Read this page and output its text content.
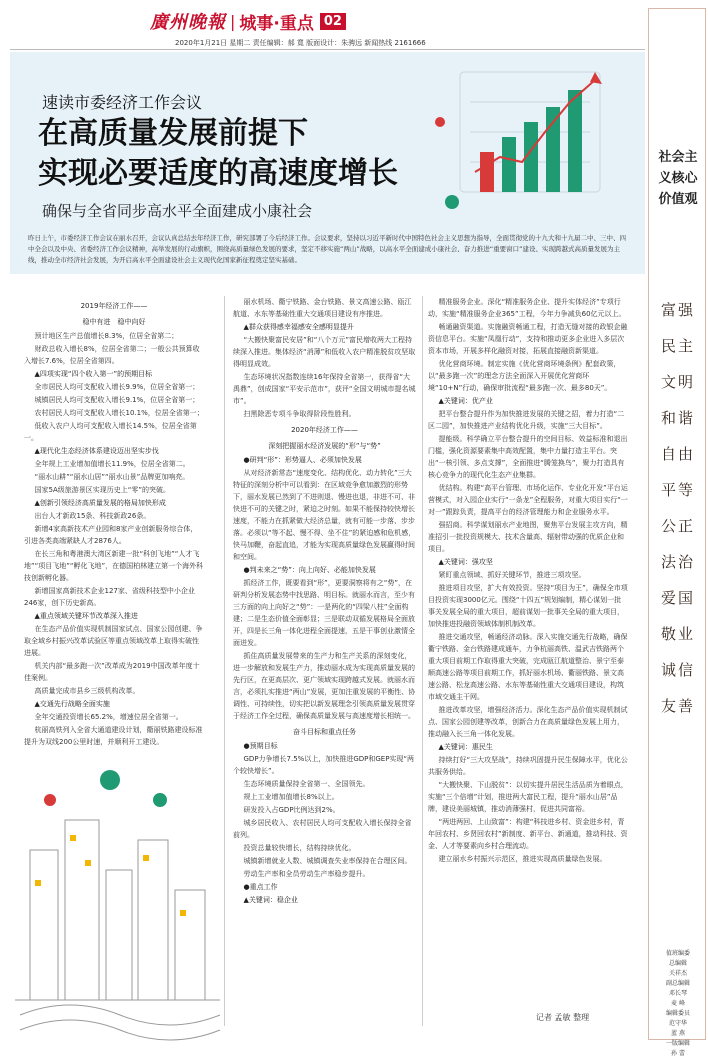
廣州晚報 | 城事·重点 02
2020年1月21日 星期二 责任编辑：郝 寬 版面设计：朱骋远 新闻热线 2161666
速读市委经济工作会议
在高质量发展前提下
实现必要适度的高速度增长
确保与全省同步高水平全面建成小康社会
昨日上午，市委经济工作会议在丽水召开，会议认真总结去年经济工作，研究部署了今后经济工作。会议要求，坚持以习近平新时代中国特色社会主义思想为指导，全面贯彻党的十九大和十九届二中、三中、四中全会以及中央、省委经济工作会议精神，高举发展的行动旗帜，围绕高质量绿色发展的要求，坚定不移实施“两山”战略，以高水平全面建成小康社会、奋力推进“重要窗口”建设、实现跨越式高质量发展为主线，推动全市经济社会发展，为开启高水平全面建设社会主义现代化国家新征程奠定坚实基础。
2019年经济工作——
稳中有进　稳中向好

预计地区生产总值增长8.3%，位居全省第二；

财政总收入增长8%，位居全省第二；一般公共预算收入增长7.6%，位居全省第四。

▲四项实现“四个收入第一”的预期目标

全市居民人均可支配收入增长9.9%，位居全省第一；

城镇居民人均可支配收入增长9.1%，位居全省第一；

农村居民人均可支配收入增长10.1%，位居全省第一；

低收入农户人均可支配收入增长14.5%，位居全省第一。

▲现代化生态经济体系建设迈出坚实步伐

全年规上工业增加值增长11.9%，位居全省第二。

“丽水山耕”“丽水山居”“丽水山景”品牌更加响亮。

国家5A级旅游景区实现历史上“零”的突破。

▲创新引领经济高质量发展的格局加快形成

出台人才新政15条、科技新政26条。

新增4家高新技术产业园和8家产业创新服务综合体，引进各类高端紧缺人才2876人。

在长三角和粤港澳大湾区新建一批“科创飞地”“人才飞地”“项目飞地”“孵化飞地”，在德国柏林建立第一个海外科技创新孵化器。

新增国家高新技术企业127家、省级科技型中小企业246家，创下历史新高。

▲重点领域关键环节改革深入推进

在生态产品价值实现机制国家试点、国家公园创建、争取全域乡村振兴改革试验区等重点领域改革上取得实破性进展。

机关内部“最多跑一次”改革成为2019中国改革年度十佳案例。

高质量完成市县乡三级机构改革。

▲交通先行战略全面实施

全年交通投资增长65.2%，增速位居全省第一。

杭丽高铁列入全省大通道建设计划，衢丽铁路建设标准提升为双线200公里时速，并顺利开工建设。

丽水机场、衢宁铁路、金台铁路、景文高速公路、瓯江航道、水东等基础性重大交通项目建设有序推进。

▲群众获得感幸福感安全感明显提升

“大搬快聚富民安居”和“八个万元”富民增收两大工程持续深入推进。集体经济“消薄”和低收入农户精准脱贫攻坚取得明显成效。

生态环境状况指数连续16年保持全省第一，获得省“大禹鼎”，创成国家“平安示范市”，获评“全国文明城市提名城市”。

扫黑除恶专项斗争取得阶段性胜利。

2020年经济工作——
深刻把握丽水经济发展的“形”与“势”

●研判“形”：形势逼人、必须加快发展

从对经济新常态“速度变化、结构优化、动力转化”三大特征的深刻分析中可以看到：在区域竞争愈加激烈的形势下，丽水发展已然到了不进则退、慢进也退，非进不可、非快进不可的关键之时，紧迫之时刻。如果不能保持较快增长速度，不能力在抓紧做大经济总量，就有可能一步落、步步落。必须以“等不起、慢不得、坐不住”的紧迫感和危机感，快马加鞭，奋起直追，才能为实现高质量绿色发展赢得时间和空间。

●判未来之“势”：向上向好、必能加快发展

抓经济工作，既要看到“形”，更要洞察将有之“势”，在研判分析发展态势中找思路、明目标。就丽水而言，至少有三方面的向上向好之“势”：一是两化的“四梁八柱”全面构建；二是生态价值全面彰显；三是联动双循发展格局全面放开，四是长三角一体化进程全面提速，五是干事创业激情全面迸发。

抓住高质量发展带来的生产力和生产关系的深刻变化，进一步解放和发展生产力，推动丽水成为实现高质量发展的先行区，在更高层次、更广领域实现跨越式发展。就丽水而言，必须扎实推进“两山”发展，更加注重发展的平衡性、协调性、可持续性，切实把以新发展理念引领高质量发展贯穿于经济工作全过程，确保高质量发展与高速度增长相统一。

奋斗目标和重点任务

●预期目标

GDP力争增长7.5%以上，加快推进GDP和GEP实现“两个较快增长”。

生态环境质量保持全省第一、全国领先。

规上工业增加值增长8%以上。

研发投入占GDP比例达到2%。

城乡居民收入、农村居民人均可支配收入增长保持全省前列。

投资总量较快增长，结构持续优化。

城镇新增就业人数、城镇调查失业率保持在合理区间。

劳动生产率和全员劳动生产率稳步提升。

●重点工作

▲关键词：稳企业

精准服务企业。深化“精准服务企业、提升实体经济”专项行动，实施“精准服务企业365”工程，今年力争减负60亿元以上。

畅通融资渠道。实施融资畅通工程，打造无缝对接的政银企融资信息平台。实施“凤凰行动”，支持和推动更多企业进入多层次资本市场，开展多样化融资对接，拓展直接融资新渠道。

优化营商环境。制定实施《优化营商环境条例》配套政策，以“最多跑一次”的理念方法全面深入开展优化营商环境“10+N”行动，确保审批流程“最多跑一次、最多80天”。

▲关键词：优产业

把平台整合提升作为加快推进发展的关键之招，着力打造“二区二园”，加快推进产业结构优化升级，实施“三大目标”。

提能级。科学确立平台整合提升的空间目标、效益标准和退出门槛，强化资源要素集中高效配置，集中力量打造主平台。突出“一核引领、多点支撑”，全面推进“腾笼换鸟”，聚力打造具有核心竞争力的现代化生态产业集群。

优结构。构建“高平台管理、市场化运作、专业化开发”平台运营模式，对入园企业实行“一条龙”全程服务，对重大项目实行“一对一”跟踪负责，提高平台的经济管理能力和企业服务水平。

强招商。科学谋划丽水产业地图，聚焦平台发展主攻方向，精准招引一批投资规模大、技术含量高、辐射带动强的优质企业和项目。

▲关键词：强攻坚

紧盯重点领域、抓好关键环节，推进三项攻坚。

推进项目攻坚，扩大有效投资。坚持“项目为王”，确保全市项目投资实现3000亿元。围绕“十四五”规划编制，精心谋划一批事关发展全局的重大项目，超前谋划一批事关全局的重大项目，加快推进投融资领域体制机制改革。

推进交通攻坚，畅通经济动脉。深入实施交通先行战略，确保衢宁铁路、金台铁路建成通车，力争杭丽高铁、温武吉铁路两个重大项目前期工作取得重大突破，完成瓯江航道整治、景宁至泰顺高速公路等项目前期工作，抓好丽水机场、衢丽铁路、景文高速公路、松龙高速公路、水东等基础性重大交通项目建设，构筑市域交通主干网。

推进改革攻坚，增强经济活力。深化生态产品价值实现机制试点、国家公园创建等改革，创新合力在高质量绿色发展上用力，推动融入长三角一体化发展。

▲关键词：惠民生

持续打好“三大攻坚战”，持续巩固提升民生保障水平，优化公共服务供给。

“大搬快聚、下山脱贫”：以切实提升居民生活品质为着眼点，实施“三个倍增”计划，推进两大富民工程，提升“丽水山居”品牌，建设美丽城镇，推动消薄强村，促进共同富裕。

“两进两回、上山致富”：构建“科技进乡村、资金进乡村，青年回农村、乡贤回农村”新制度、新平台、新通道，推动科技、资金、人才等要素向乡村合理流动。

建立丽水乡村振兴示范区，推进实现高质量绿色发展。

记者 孟敏 整理
社会主义核心价值观
富强
民主
文明
和谐
自由
平等
公正
法治
爱国
敬业
诚信
友善
值班编委
总编辑
关祥杰
副总编辑
邓长琴
麦 峰
编辑委员
范守华
蓝 燕
一版编辑
孙 蕾
